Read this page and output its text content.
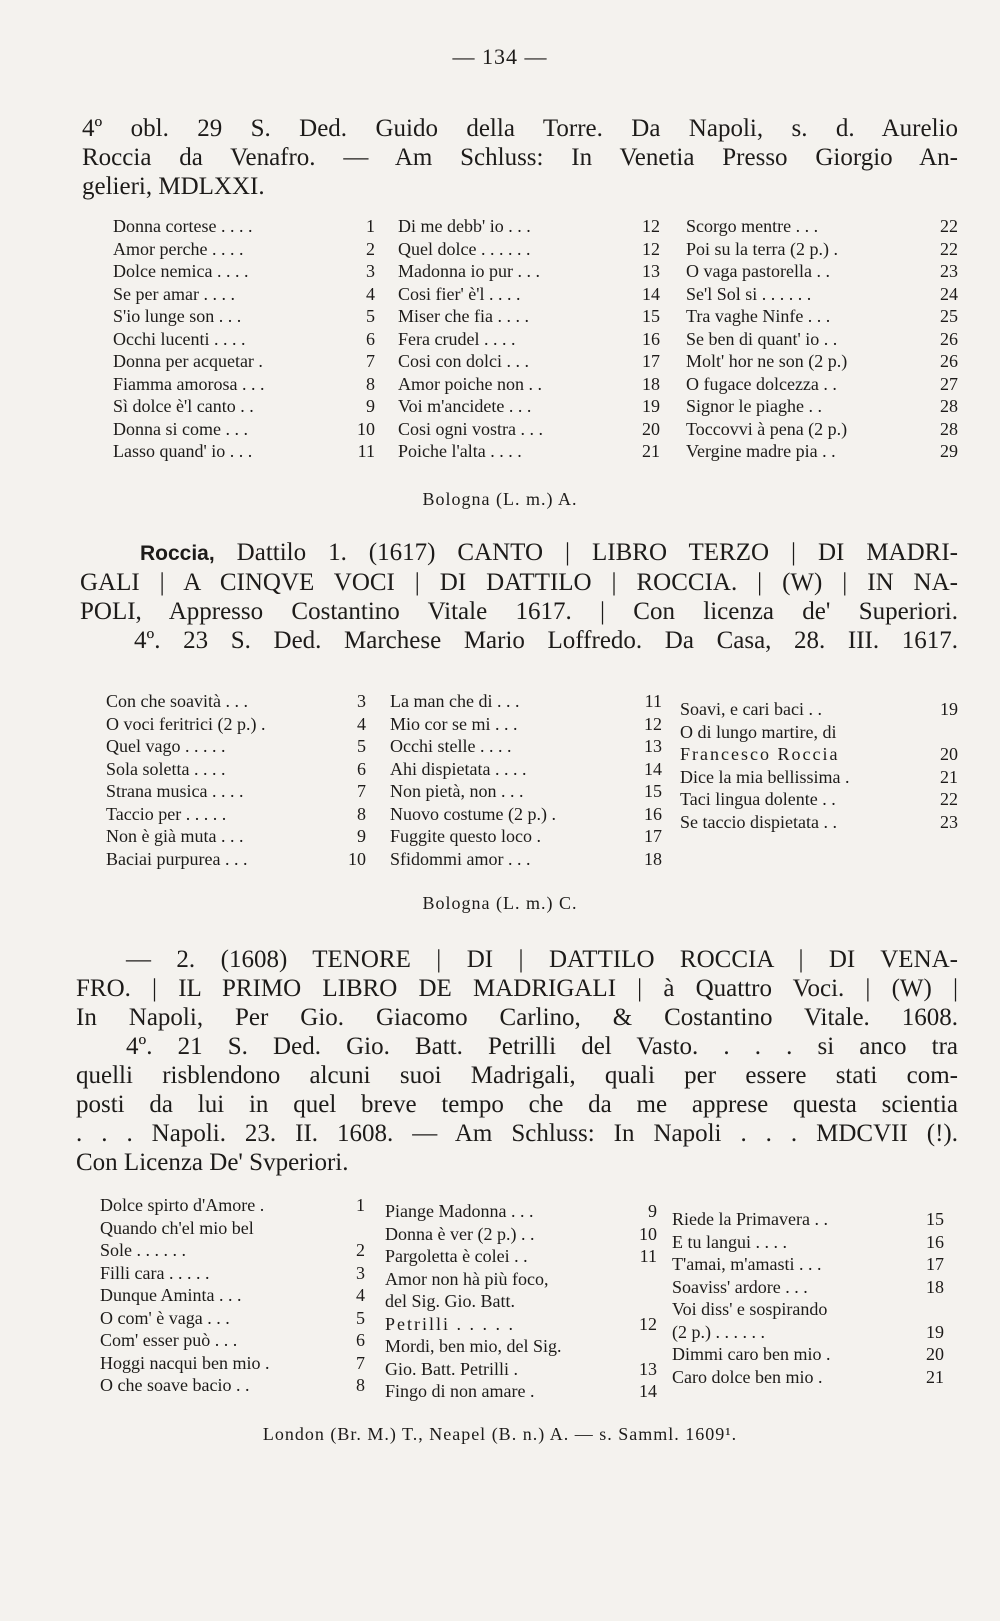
— 134 —
4º obl. 29 S. Ded. Guido della Torre. Da Napoli, s. d. Aurelio
Roccia da Venafro. — Am Schluss: In Venetia Presso Giorgio An-
gelieri, MDLXXI.
Donna cortese . . . .	1
Amor perche . . . .	2
Dolce nemica . . . .	3
Se per amar . . . .	4
S'io lunge son . . .	5
Occhi lucenti . . . .	6
Donna per acquetar .	7
Fiamma amorosa . . .	8
Sì dolce è'l canto . .	9
Donna si come . . .	10
Lasso quand' io . . .	11
Di me debb' io . . .	12
Quel dolce . . . . . .	12
Madonna io pur . . .	13
Cosi fier' è'l . . . .	14
Miser che fia . . . .	15
Fera crudel . . . .	16
Cosi con dolci . . .	17
Amor poiche non . .	18
Voi m'ancidete . . .	19
Cosi ogni vostra . . .	20
Poiche l'alta . . . .	21
Scorgo mentre . . .	22
Poi su la terra (2 p.) .	22
O vaga pastorella . .	23
Se'l Sol si . . . . . .	24
Tra vaghe Ninfe . . .	25
Se ben di quant' io . .	26
Molt' hor ne son (2 p.)	26
O fugace dolcezza . .	27
Signor le piaghe . .	28
Toccovvi à pena (2 p.)	28
Vergine madre pia . .	29
Bologna (L. m.) A.
Roccia, Dattilo 1. (1617) CANTO | LIBRO TERZO | DI MADRI-
GALI | A CINQVE VOCI | DI DATTILO | ROCCIA. | (W) | IN NA-
POLI, Appresso Costantino Vitale 1617. | Con licenza de' Superiori.
4º. 23 S. Ded. Marchese Mario Loffredo. Da Casa, 28. III. 1617.
Con che soavità . . .	3
O voci feritrici (2 p.) .	4
Quel vago . . . . .	5
Sola soletta . . . .	6
Strana musica . . . .	7
Taccio per . . . . .	8
Non è già muta . . .	9
Baciai purpurea . . .	10
La man che di . . .	11
Mio cor se mi . . .	12
Occhi stelle . . . .	13
Ahi dispietata . . . .	14
Non pietà, non . . .	15
Nuovo costume (2 p.) .	16
Fuggite questo loco .	17
Sfidommi amor . . .	18
Soavi, e cari baci . .	19
O di lungo martire, di
Francesco Roccia	20
Dice la mia bellissima .	21
Taci lingua dolente . .	22
Se taccio dispietata . .	23
Bologna (L. m.) C.
— 2. (1608) TENORE | DI | DATTILO ROCCIA | DI VENA-
FRO. | IL PRIMO LIBRO DE MADRIGALI | à Quattro Voci. | (W) |
In Napoli, Per Gio. Giacomo Carlino, & Costantino Vitale. 1608.
4º. 21 S. Ded. Gio. Batt. Petrilli del Vasto. . . . si anco tra
quelli risblendono alcuni suoi Madrigali, quali per essere stati com-
posti da lui in quel breve tempo che da me apprese questa scientia
. . . Napoli. 23. II. 1608. — Am Schluss: In Napoli . . . MDCVII (!).
Con Licenza De' Svperiori.
Dolce spirto d'Amore .	1
Quando ch'el mio bel
Sole . . . . . .	2
Filli cara . . . . .	3
Dunque Aminta . . .	4
O com' è vaga . . .	5
Com' esser può . . .	6
Hoggi nacqui ben mio .	7
O che soave bacio . .	8
Piange Madonna . . .	9
Donna è ver (2 p.) . .	10
Pargoletta è colei . .	11
Amor non hà più foco,
del Sig. Gio. Batt.
Petrilli . . . . .	12
Mordi, ben mio, del Sig.
Gio. Batt. Petrilli .	13
Fingo di non amare .	14
Riede la Primavera . .	15
E tu langui . . . .	16
T'amai, m'amasti . . .	17
Soaviss' ardore . . .	18
Voi diss' e sospirando
(2 p.) . . . . . .	19
Dimmi caro ben mio .	20
Caro dolce ben mio .	21
London (Br. M.) T., Neapel (B. n.) A. — s. Samml. 1609¹.
